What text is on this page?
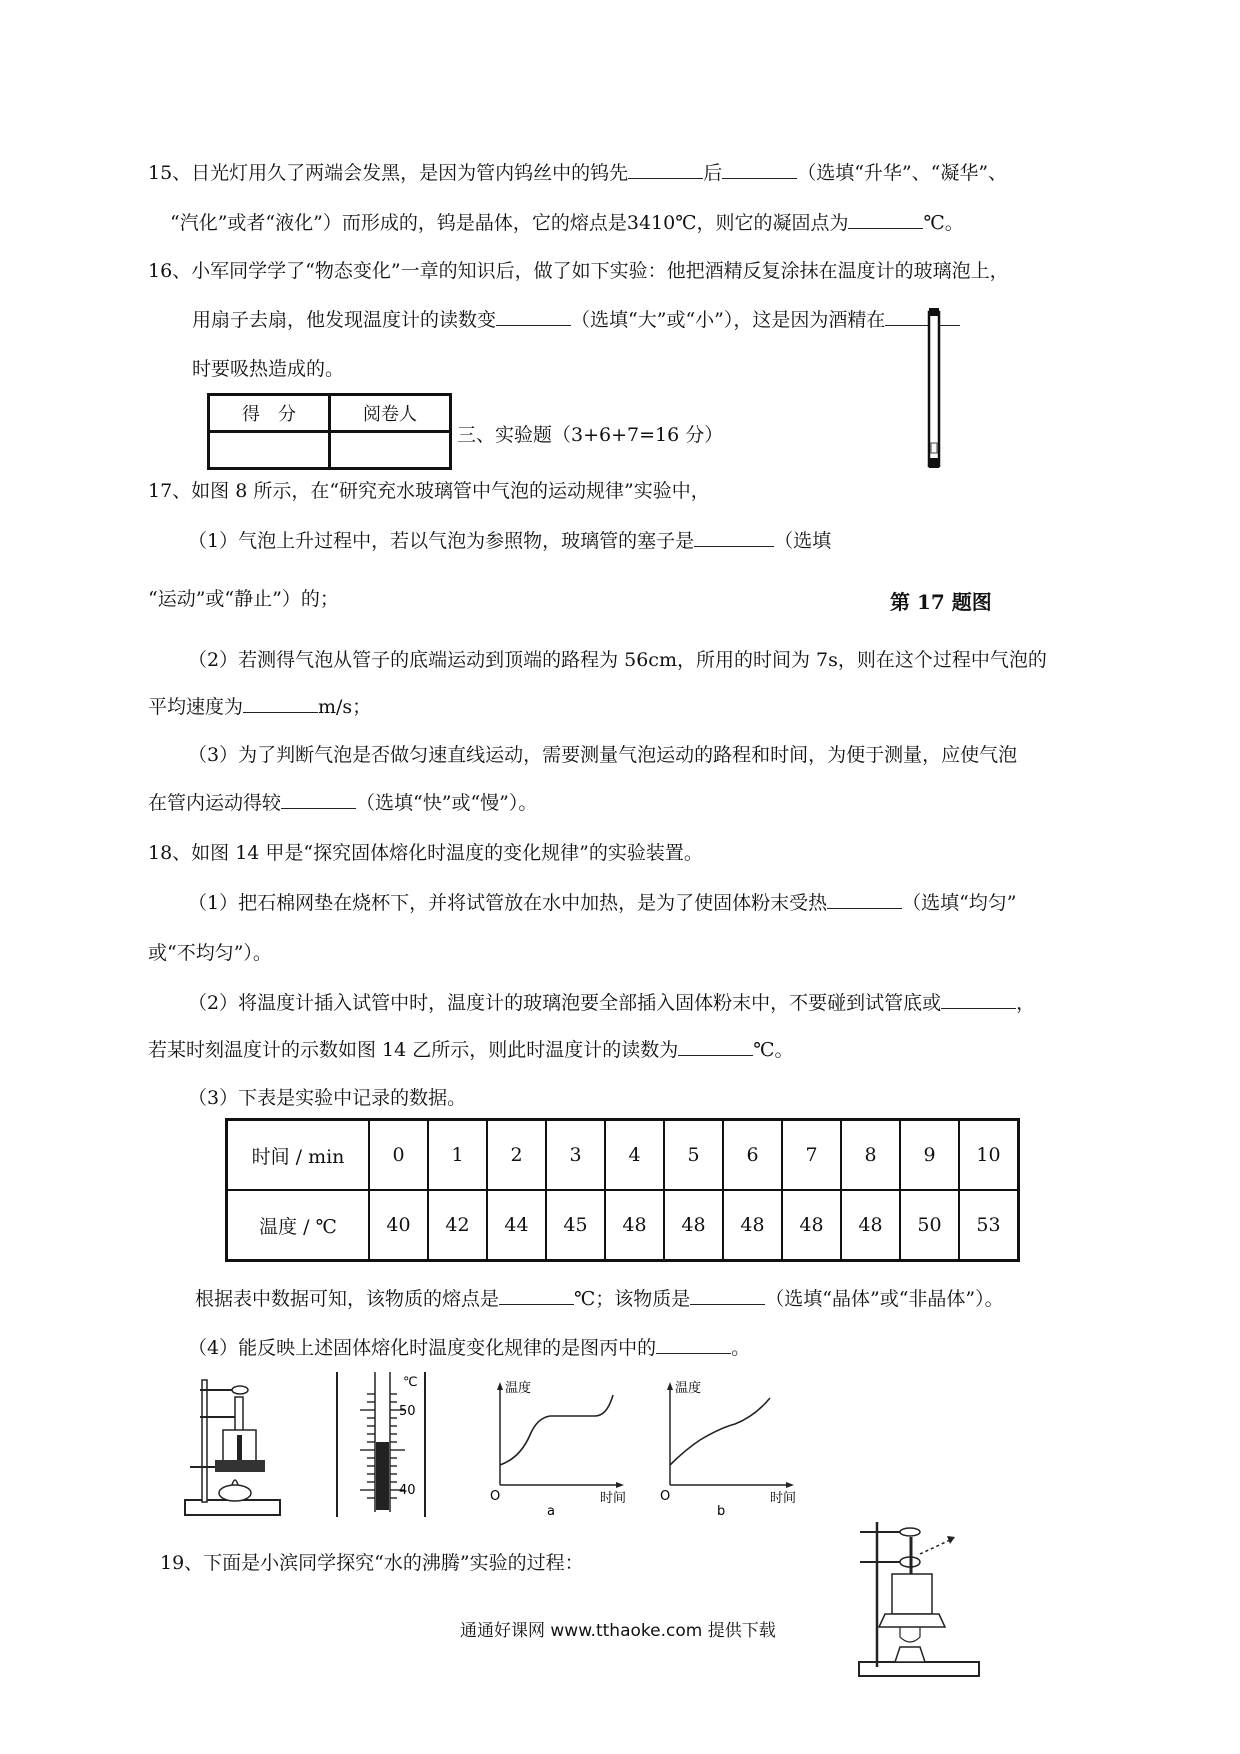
15、日光灯用久了两端会发黑，是因为管内钨丝中的钨先	后	（选填“升华”、“凝华”、
“汽化”或者“液化”）而形成的，钨是晶体，它的熔点是3410℃，则它的凝固点为	℃。
16、小军同学学了“物态变化”一章的知识后，做了如下实验：他把酒精反复涂抹在温度计的玻璃泡上，
用扇子去扇，他发现温度计的读数变	（选填“大”或“小”），这是因为酒精在
时要吸热造成的。
得　分	阅卷人

三、实验题（3+6+7=16 分）
17、如图 8 所示，在“研究充水玻璃管中气泡的运动规律”实验中，
（1）气泡上升过程中，若以气泡为参照物，玻璃管的塞子是	（选填
“运动”或“静止”）的；	第 17 题图
（2）若测得气泡从管子的底端运动到顶端的路程为 56cm，所用的时间为 7s，则在这个过程中气泡的
平均速度为	m/s；
（3）为了判断气泡是否做匀速直线运动，需要测量气泡运动的路程和时间，为便于测量，应使气泡
在管内运动得较	（选填“快”或“慢”）。
18、如图 14 甲是“探究固体熔化时温度的变化规律”的实验装置。
（1）把石棉网垫在烧杯下，并将试管放在水中加热，是为了使固体粉末受热	（选填“均匀”
或“不均匀”）。
（2）将温度计插入试管中时，温度计的玻璃泡要全部插入固体粉末中，不要碰到试管底或	，
若某时刻温度计的示数如图 14 乙所示，则此时温度计的读数为	℃。
（3）下表是实验中记录的数据。
时间 / min	0	1	2	3	4	5	6	7	8	9	10
温度 / ℃	40	42	44	45	48	48	48	48	48	50	53
根据表中数据可知，该物质的熔点是	℃；该物质是	（选填“晶体”或“非晶体”）。
（4）能反映上述固体熔化时温度变化规律的是图丙中的	。
℃
50
40
温度
O	时间
a
温度
O	时间
b
19、下面是小滨同学探究“水的沸腾”实验的过程：
通通好课网 www.tthaoke.com 提供下载
